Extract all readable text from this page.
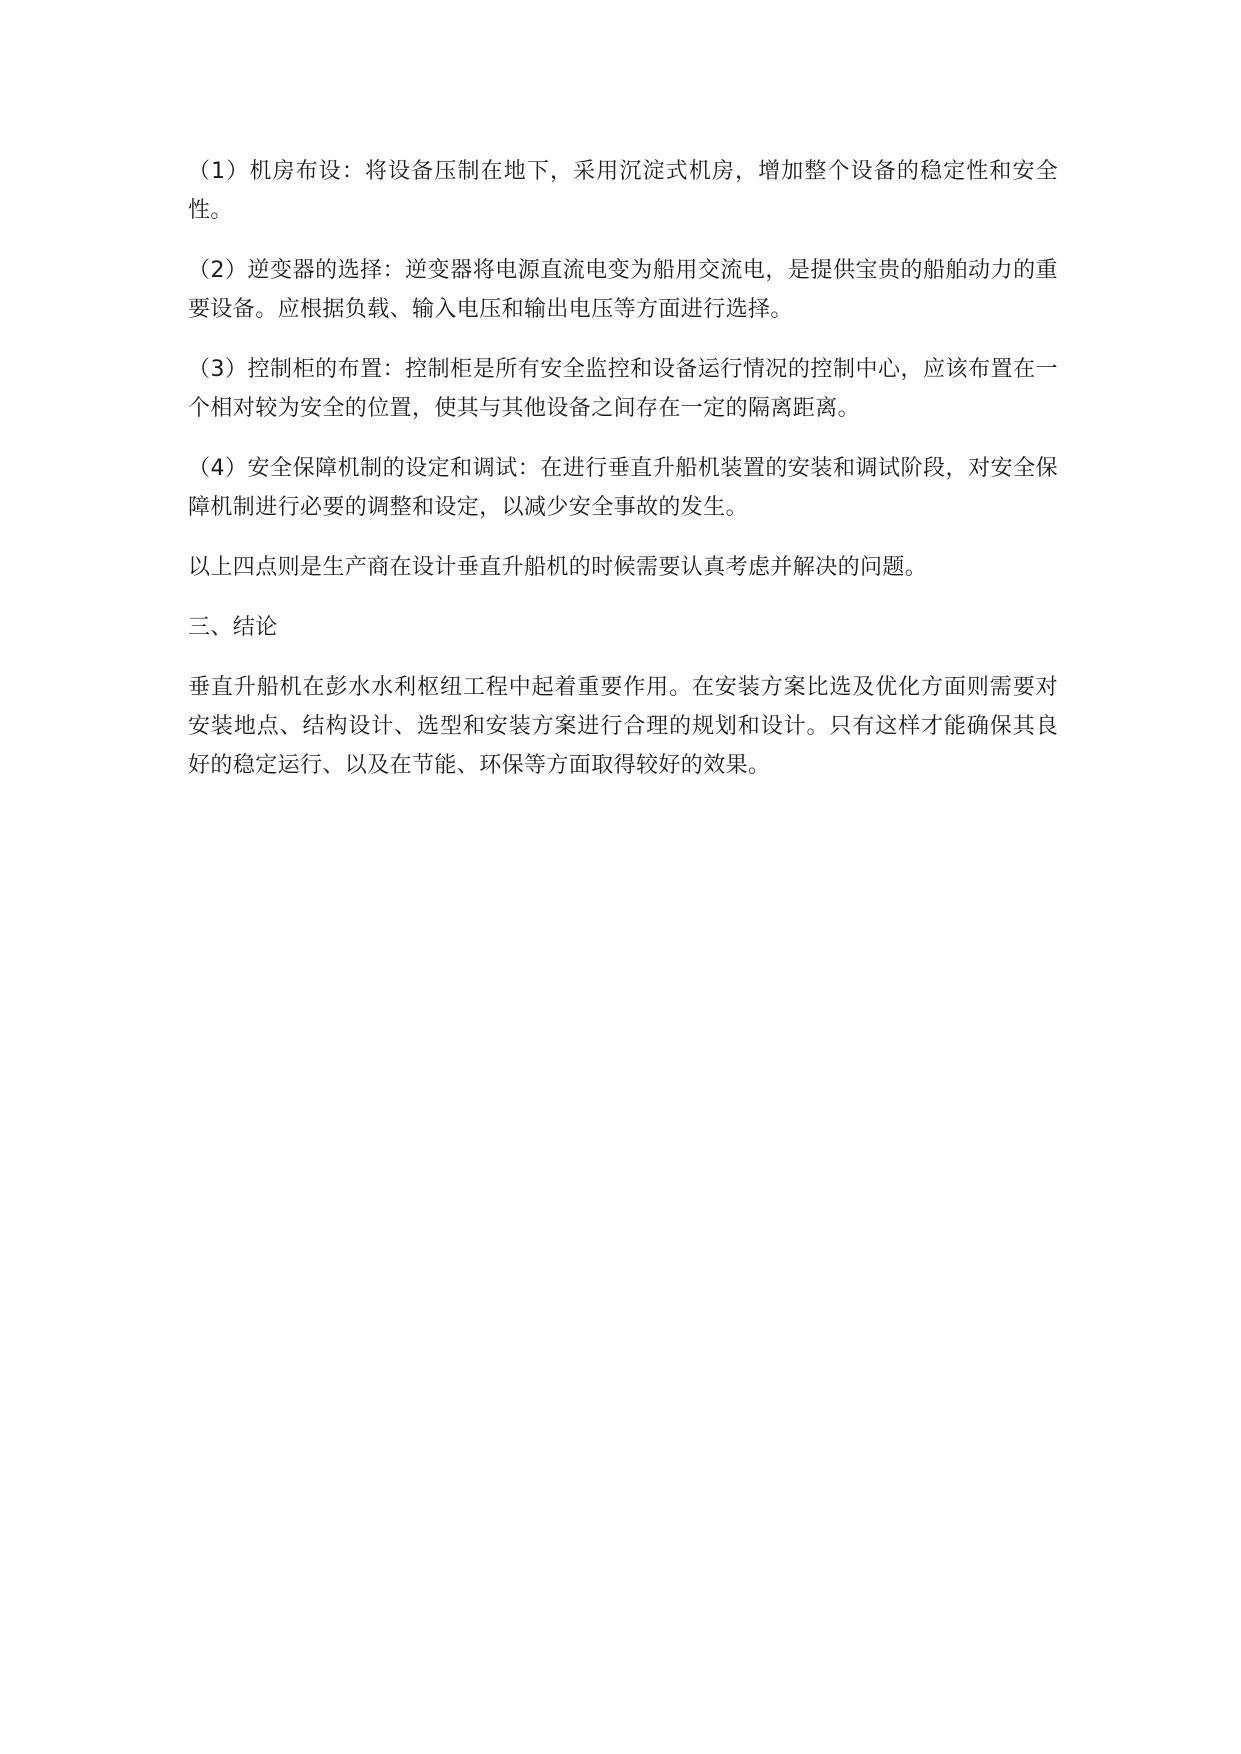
（1）机房布设：将设备压制在地下，采用沉淀式机房，增加整个设备的稳定性和安全性。

（2）逆变器的选择：逆变器将电源直流电变为船用交流电，是提供宝贵的船舶动力的重要设备。应根据负载、输入电压和输出电压等方面进行选择。

（3）控制柜的布置：控制柜是所有安全监控和设备运行情况的控制中心，应该布置在一个相对较为安全的位置，使其与其他设备之间存在一定的隔离距离。

（4）安全保障机制的设定和调试：在进行垂直升船机装置的安装和调试阶段，对安全保障机制进行必要的调整和设定，以减少安全事故的发生。

以上四点则是生产商在设计垂直升船机的时候需要认真考虑并解决的问题。

三、结论

垂直升船机在彭水水利枢纽工程中起着重要作用。在安装方案比选及优化方面则需要对安装地点、结构设计、选型和安装方案进行合理的规划和设计。只有这样才能确保其良好的稳定运行、以及在节能、环保等方面取得较好的效果。
